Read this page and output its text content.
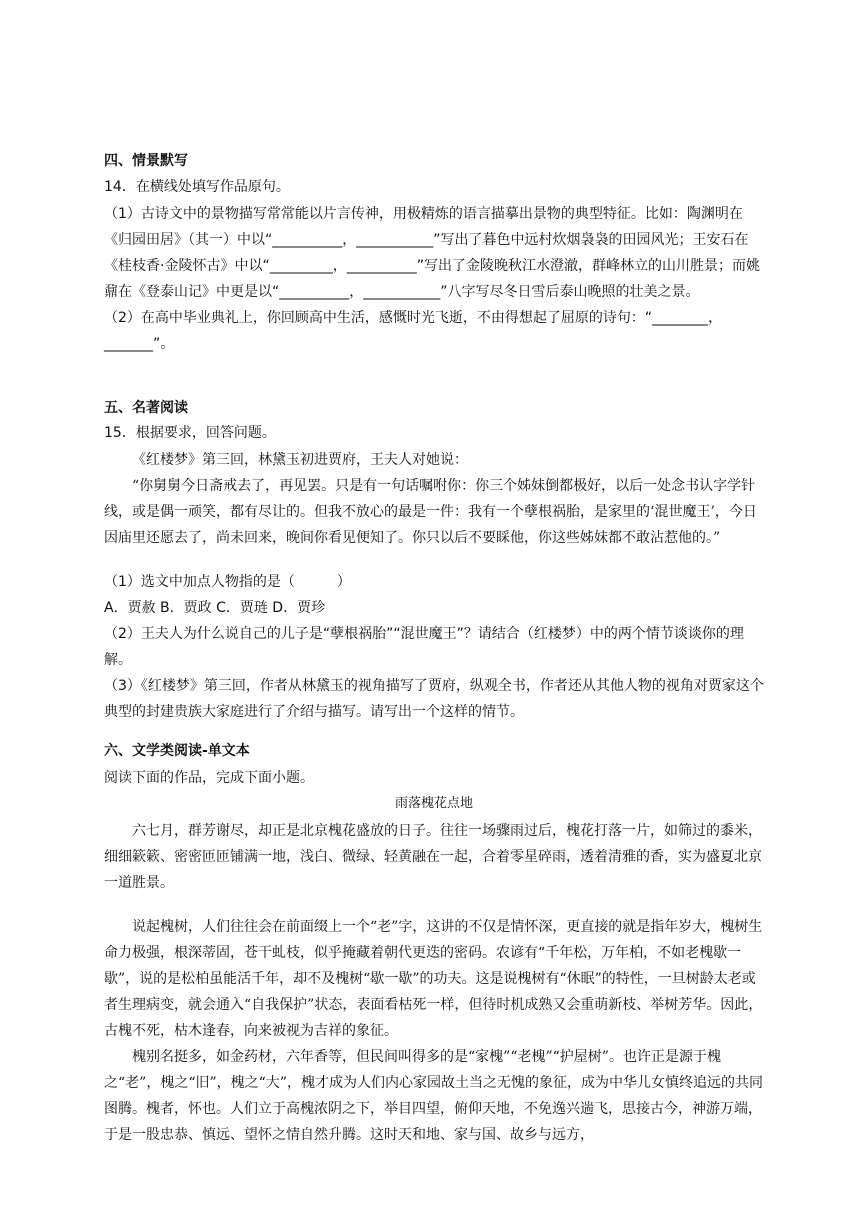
四、情景默写

14．在横线处填写作品原句。

（1）古诗文中的景物描写常常能以片言传神，用极精炼的语言描摹出景物的典型特征。比如：陶渊明在《归园田居》（其一）中以“__________，___________”写出了暮色中远村炊烟袅袅的田园风光；王安石在《桂枝香·金陵怀古》中以“_________，__________”写出了金陵晚秋江水澄澈，群峰林立的山川胜景；而姚鼐在《登泰山记》中更是以“__________，___________”八字写尽冬日雪后泰山晚照的壮美之景。

（2）在高中毕业典礼上，你回顾高中生活，感慨时光飞逝，不由得想起了屈原的诗句：“________，_______”。

五、名著阅读

15．根据要求，回答问题。

《红楼梦》第三回，林黛玉初进贾府，王夫人对她说：

“你舅舅今日斋戒去了，再见罢。只是有一句话嘱咐你：你三个姊妹倒都极好，以后一处念书认字学针线，或是偶一顽笑，都有尽让的。但我不放心的最是一件：我有一个孽根祸胎，是家里的‘混世魔王’，今日因庙里还愿去了，尚未回来，晚间你看见便知了。你只以后不要睬他，你这些姊妹都不敢沾惹他的。”

（1）选文中加点人物指的是（　　　）

A．贾赦 B．贾政 C．贾琏 D．贾珍

（2）王夫人为什么说自己的儿子是“孽根祸胎”“混世魔王”？请结合（红楼梦）中的两个情节谈谈你的理解。

（3）《红楼梦》第三回，作者从林黛玉的视角描写了贾府，纵观全书，作者还从其他人物的视角对贾家这个典型的封建贵族大家庭进行了介绍与描写。请写出一个这样的情节。

六、文学类阅读-单文本

阅读下面的作品，完成下面小题。

雨落槐花点地

六七月，群芳谢尽，却正是北京槐花盛放的日子。往往一场骤雨过后，槐花打落一片，如筛过的黍米，细细簌簌、密密匝匝铺满一地，浅白、微绿、轻黄融在一起，合着零星碎雨，透着清雅的香，实为盛夏北京一道胜景。

说起槐树，人们往往会在前面缀上一个“老”字，这讲的不仅是情怀深，更直接的就是指年岁大，槐树生命力极强，根深蒂固，苍干虬枝，似乎掩藏着朝代更迭的密码。农谚有“千年松，万年柏，不如老槐歇一歇”，说的是松柏虽能活千年，却不及槐树“歇一歇”的功夫。这是说槐树有“休眠”的特性，一旦树龄太老或者生理病变，就会通入“自我保护”状态，表面看枯死一样，但待时机成熟又会重萌新枝、举树芳华。因此，古槐不死，枯木逢春，向来被视为吉祥的象征。

槐别名挺多，如金药材，六年香等，但民间叫得多的是“家槐”“老槐”“护屋树”。也许正是源于槐之“老”，槐之“旧”，槐之“大”，槐才成为人们内心家园故土当之无愧的象征，成为中华儿女慎终追远的共同图腾。槐者，怀也。人们立于高槐浓阴之下，举目四望，俯仰天地，不免逸兴遄飞，思接古今，神游万端，于是一股忠恭、慎远、望怀之情自然升腾。这时天和地、家与国、故乡与远方，
